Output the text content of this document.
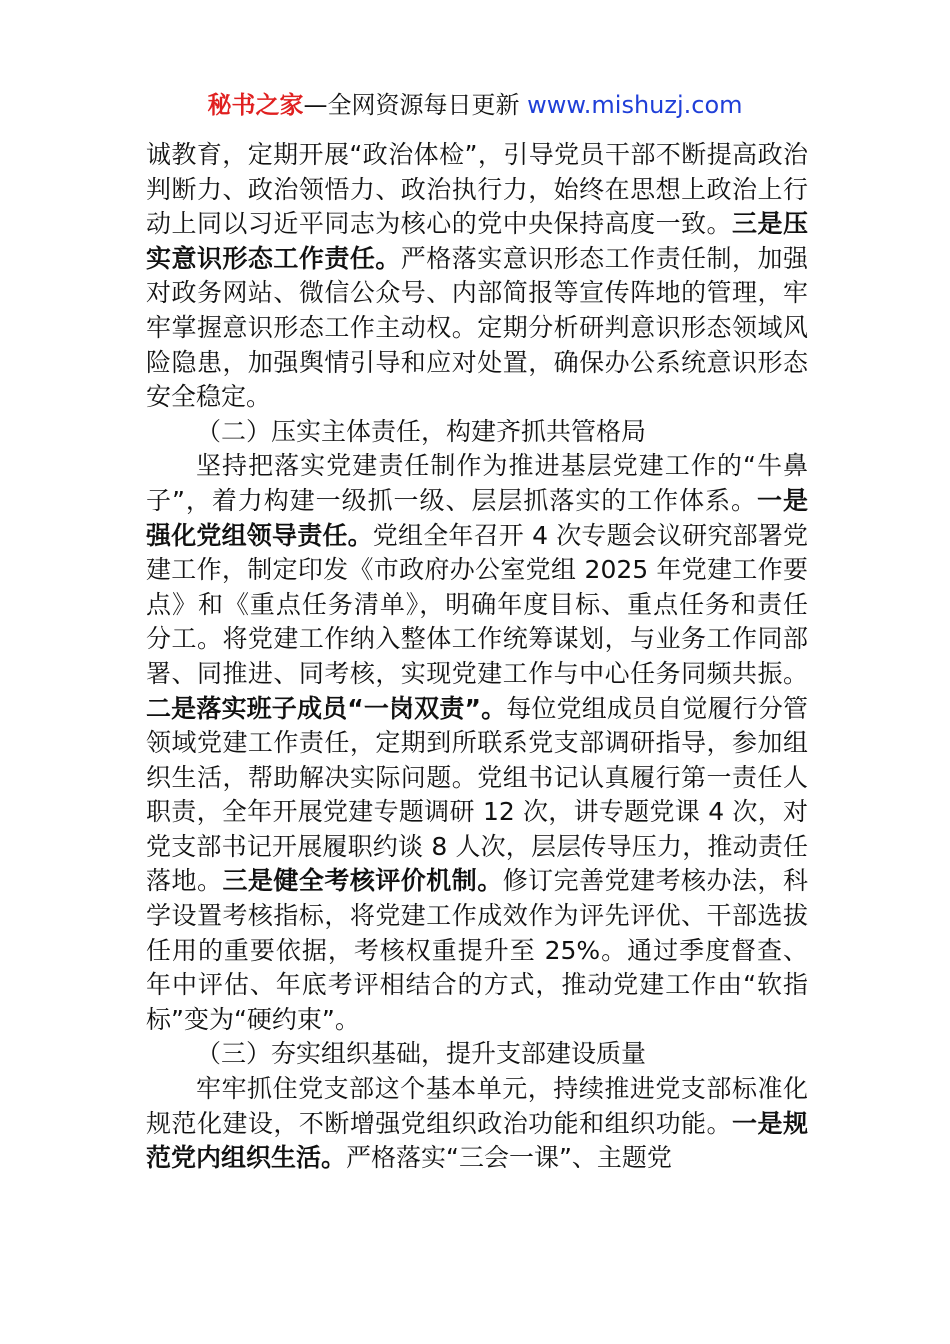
秘书之家—全网资源每日更新 www.mishuzj.com

诚教育，定期开展“政治体检”，引导党员干部不断提高政治判断力、政治领悟力、政治执行力，始终在思想上政治上行动上同以习近平同志为核心的党中央保持高度一致。三是压实意识形态工作责任。严格落实意识形态工作责任制，加强对政务网站、微信公众号、内部简报等宣传阵地的管理，牢牢掌握意识形态工作主动权。定期分析研判意识形态领域风险隐患，加强舆情引导和应对处置，确保办公系统意识形态安全稳定。

（二）压实主体责任，构建齐抓共管格局

坚持把落实党建责任制作为推进基层党建工作的“牛鼻子”，着力构建一级抓一级、层层抓落实的工作体系。一是强化党组领导责任。党组全年召开 4 次专题会议研究部署党建工作，制定印发《市政府办公室党组 2025 年党建工作要点》和《重点任务清单》，明确年度目标、重点任务和责任分工。将党建工作纳入整体工作统筹谋划，与业务工作同部署、同推进、同考核，实现党建工作与中心任务同频共振。二是落实班子成员“一岗双责”。每位党组成员自觉履行分管领域党建工作责任，定期到所联系党支部调研指导，参加组织生活，帮助解决实际问题。党组书记认真履行第一责任人职责，全年开展党建专题调研 12 次，讲专题党课 4 次，对党支部书记开展履职约谈 8 人次，层层传导压力，推动责任落地。三是健全考核评价机制。修订完善党建考核办法，科学设置考核指标，将党建工作成效作为评先评优、干部选拔任用的重要依据，考核权重提升至 25%。通过季度督查、年中评估、年底考评相结合的方式，推动党建工作由“软指标”变为“硬约束”。

（三）夯实组织基础，提升支部建设质量

牢牢抓住党支部这个基本单元，持续推进党支部标准化规范化建设，不断增强党组织政治功能和组织功能。一是规范党内组织生活。严格落实“三会一课”、主题党
